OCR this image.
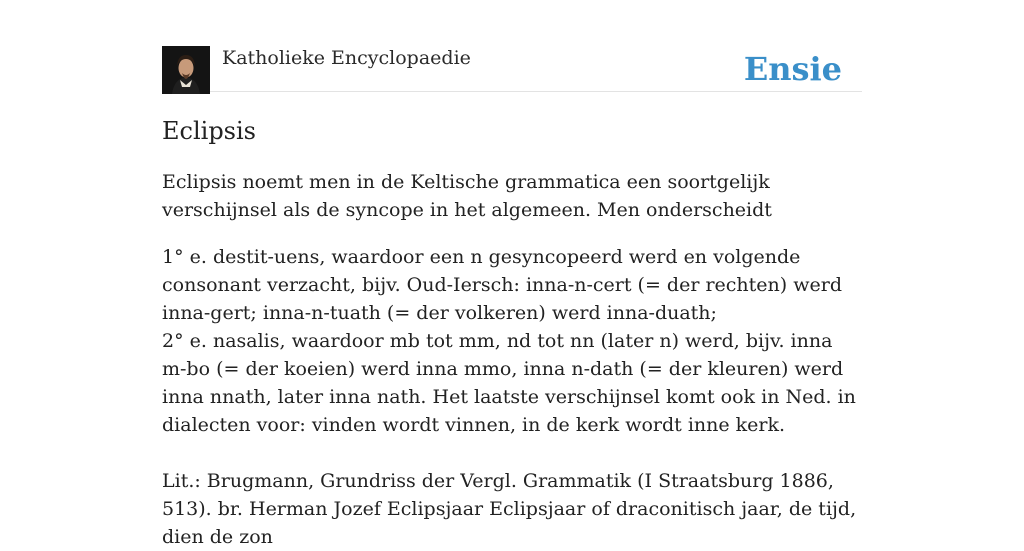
Katholieke Encyclopaedie	Ensie
Eclipsis

Eclipsis noemt men in de Keltische grammatica een soortgelijk verschijnsel als de syncope in het algemeen. Men onderscheidt

1° e. destit-uens, waardoor een n gesyncopeerd werd en volgende consonant verzacht, bijv. Oud-Iersch: inna-n-cert (= der rechten) werd inna-gert; inna-n-tuath (= der volkeren) werd inna-duath;

2° e. nasalis, waardoor mb tot mm, nd tot nn (later n) werd, bijv. inna m-bo (= der koeien) werd inna mmo, inna n-dath (= der kleuren) werd inna nnath, later inna nath. Het laatste verschijnsel komt ook in Ned. in dialecten voor: vinden wordt vinnen, in de kerk wordt inne kerk.

Lit.: Brugmann, Grundriss der Vergl. Grammatik (I Straatsburg 1886, 513). br. Herman Jozef Eclipsjaar Eclipsjaar of draconitisch jaar, de tijd, dien de zon
